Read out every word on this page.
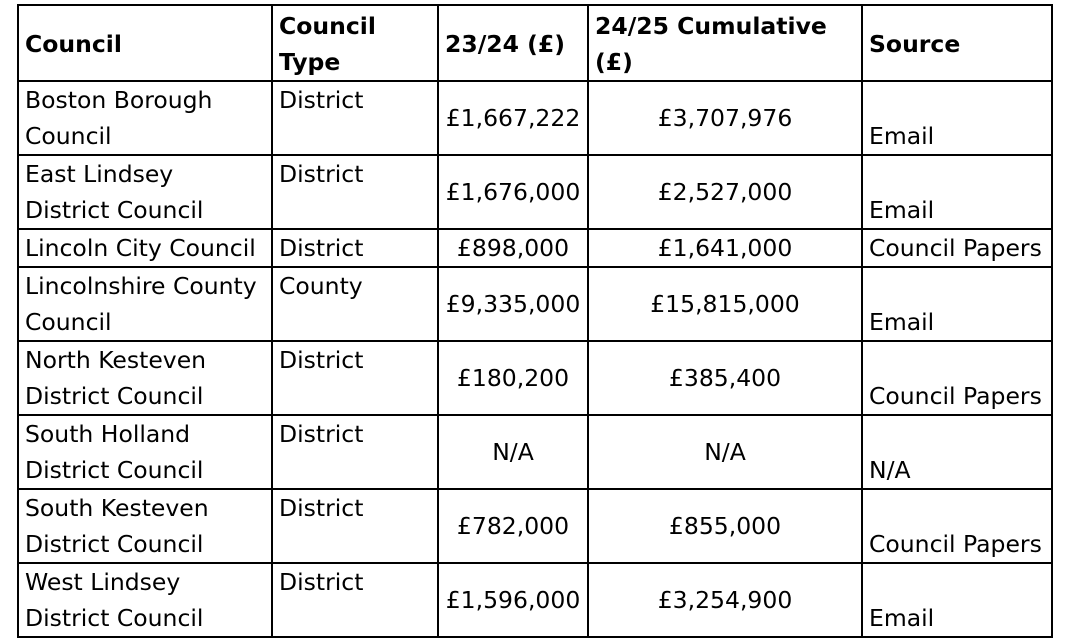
Council	Council Type	23/24 (£)	24/25 Cumulative (£)	Source
Boston Borough Council	District	£1,667,222	£3,707,976	Email
East Lindsey District Council	District	£1,676,000	£2,527,000	Email
Lincoln City Council	District	£898,000	£1,641,000	Council Papers
Lincolnshire County Council	County	£9,335,000	£15,815,000	Email
North Kesteven District Council	District	£180,200	£385,400	Council Papers
South Holland District Council	District	N/A	N/A	N/A
South Kesteven District Council	District	£782,000	£855,000	Council Papers
West Lindsey District Council	District	£1,596,000	£3,254,900	Email
